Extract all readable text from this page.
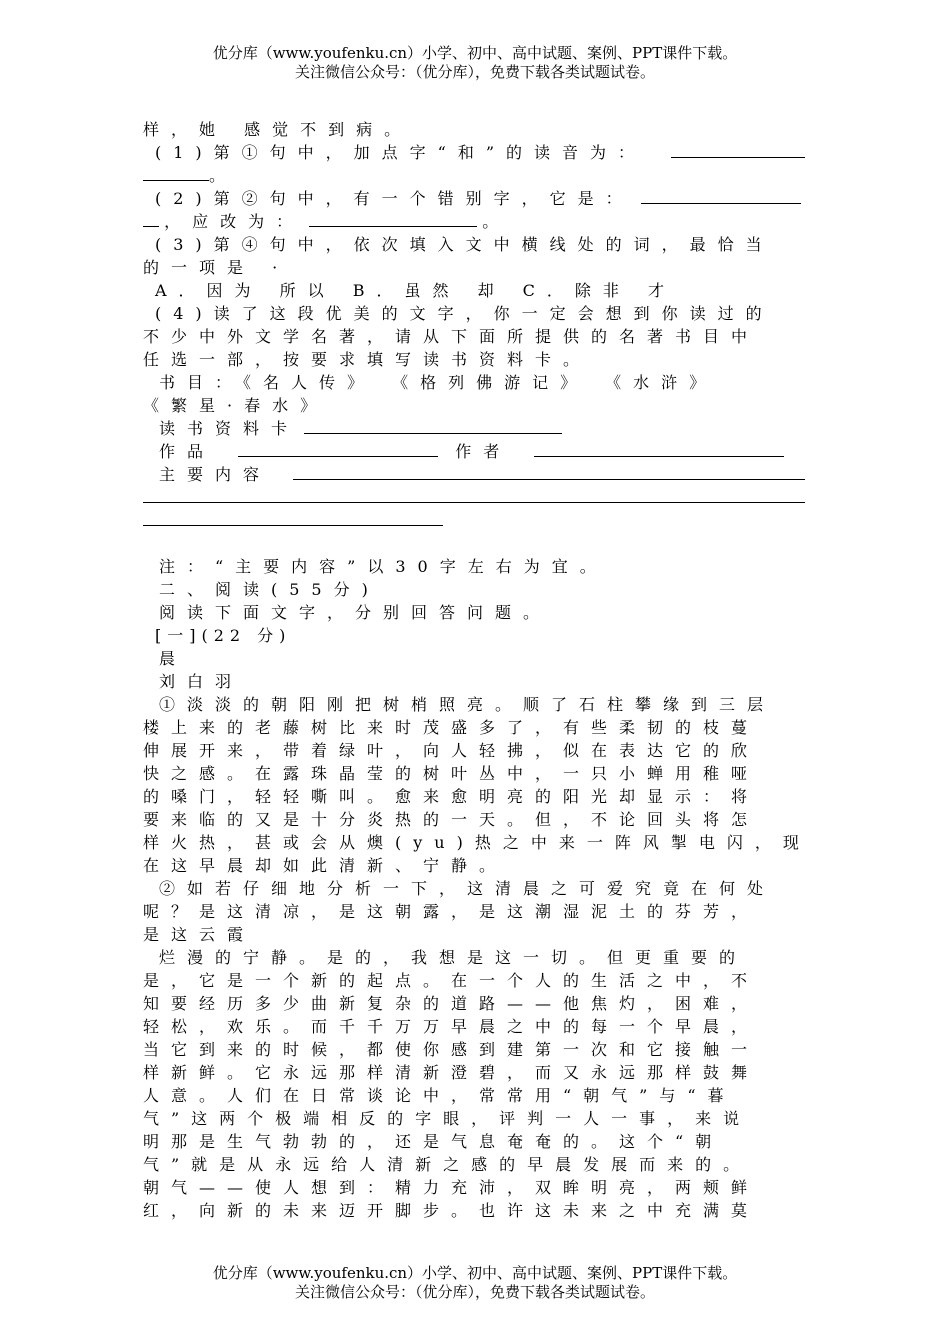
优分库（www.youfenku.cn）小学、初中、高中试题、案例、PPT课件下载。
关注微信公众号：（优分库），免费下载各类试题试卷。
样，她 感觉不到病。
(1)第①句中，加点字“和”的读音为：
。
(2)第②句中，有一个错别字，它是：
，应改为：	。
(3)第④句中，依次填入文中横线处的词，最恰当
的一项是 ·
A．因为 所以 B．虽然 却 C．除非 才
(4)读了这段优美的文字，你一定会想到你读过的
不少中外文学名著，请从下面所提供的名著书目中
任选一部，按要求填写读书资料卡。
书目：《名人传》 《格列佛游记》 《水浒》
《繁星·春水》
读书资料卡
作品	作者
主要内容
注：“主要内容”以30字左右为宜。
二、阅读(55分)
阅读下面文字，分别回答问题。
[一](22 分)
晨
刘白羽
①淡淡的朝阳刚把树梢照亮。顺了石柱攀缘到三层
楼上来的老藤树比来时茂盛多了，有些柔韧的枝蔓
伸展开来，带着绿叶，向人轻拂，似在表达它的欣
快之感。在露珠晶莹的树叶丛中，一只小蝉用稚哑
的嗓门，轻轻嘶叫。愈来愈明亮的阳光却显示：将
要来临的又是十分炎热的一天。但，不论回头将怎
样火热，甚或会从燠(yu)热之中来一阵风掣电闪，现
在这早晨却如此清新、宁静。
②如若仔细地分析一下，这清晨之可爱究竟在何处
呢？是这清凉，是这朝露，是这潮湿泥土的芬芳，
是这云霞
烂漫的宁静。是的，我想是这一切。但更重要的
是，它是一个新的起点。在一个人的生活之中，不
知要经历多少曲新复杂的道路——他焦灼，困难，
轻松，欢乐。而千千万万早晨之中的每一个早晨，
当它到来的时候，都使你感到建第一次和它接触一
样新鲜。它永远那样清新澄碧，而又永远那样鼓舞
人意。人们在日常谈论中，常常用“朝气”与“暮
气”这两个极端相反的字眼，评判一人一事，来说
明那是生气勃勃的，还是气息奄奄的。这个“朝
气”就是从永远给人清新之感的早晨发展而来的。
朝气——使人想到：精力充沛，双眸明亮，两颊鲜
红，向新的未来迈开脚步。也许这未来之中充满莫
优分库（www.youfenku.cn）小学、初中、高中试题、案例、PPT课件下载。
关注微信公众号：（优分库），免费下载各类试题试卷。
